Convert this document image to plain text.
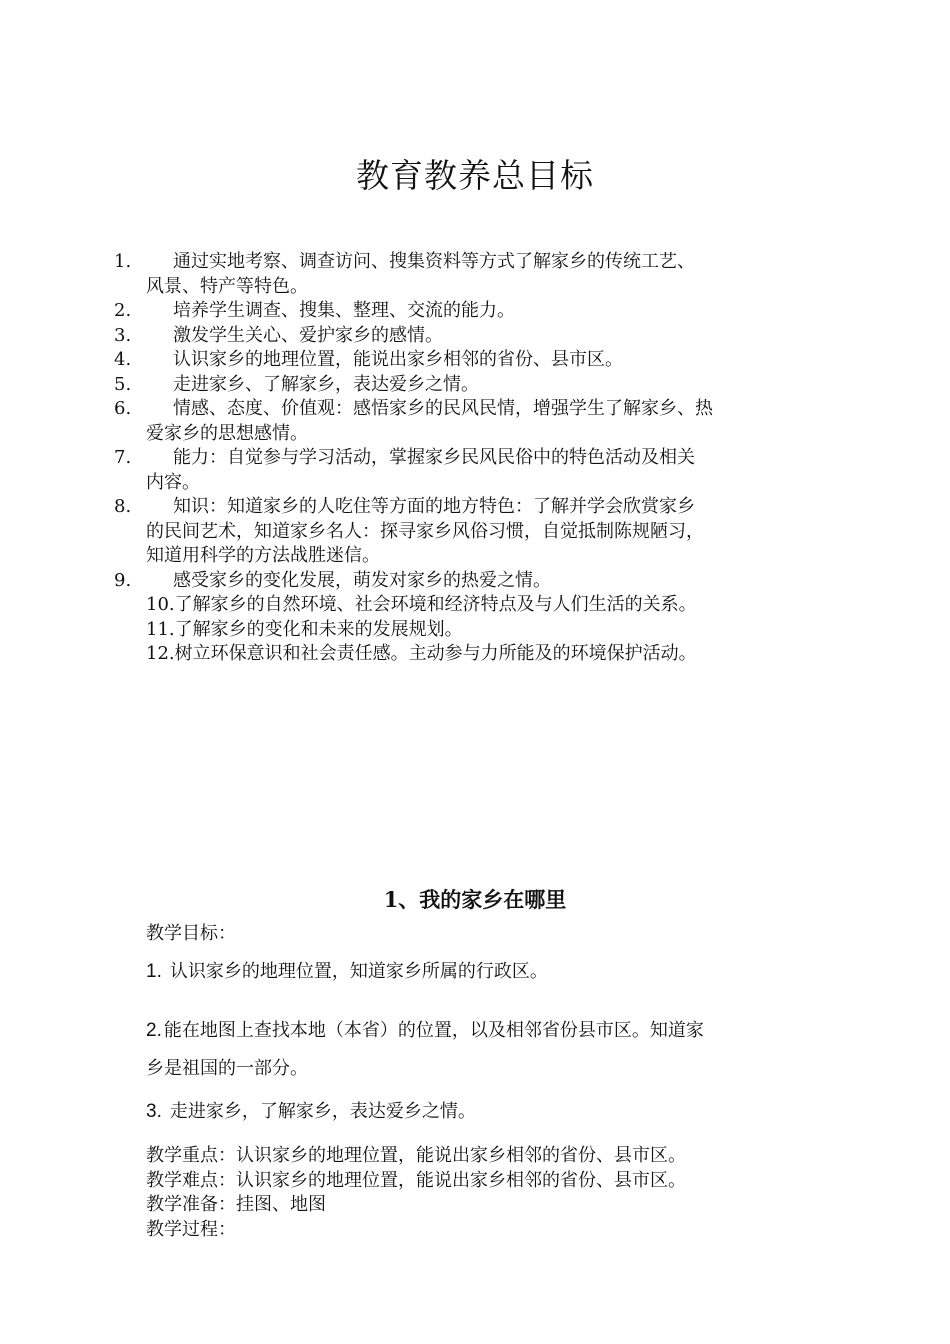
教育教养总目标
1.	通过实地考察、调查访问、搜集资料等方式了解家乡的传统工艺、
风景、特产等特色。
2.	培养学生调查、搜集、整理、交流的能力。
3.	激发学生关心、爱护家乡的感情。
4.	认识家乡的地理位置，能说出家乡相邻的省份、县市区。
5.	走进家乡、了解家乡，表达爱乡之情。
6.	情感、态度、价值观：感悟家乡的民风民情，增强学生了解家乡、热
爱家乡的思想感情。
7.	能力：自觉参与学习活动，掌握家乡民风民俗中的特色活动及相关
内容。
8.	知识：知道家乡的人吃住等方面的地方特色：了解并学会欣赏家乡
的民间艺术，知道家乡名人：探寻家乡风俗习惯，自觉抵制陈规陋习，
知道用科学的方法战胜迷信。
9.	感受家乡的变化发展，萌发对家乡的热爱之情。
10.了解家乡的自然环境、社会环境和经济特点及与人们生活的关系。
11.了解家乡的变化和未来的发展规划。
12.树立环保意识和社会责任感。主动参与力所能及的环境保护活动。
1、我的家乡在哪里
教学目标：
1. 认识家乡的地理位置，知道家乡所属的行政区。
2. 能在地图上查找本地（本省）的位置，以及相邻省份县市区。知道家
乡是祖国的一部分。
3. 走进家乡，了解家乡，表达爱乡之情。
教学重点：认识家乡的地理位置，能说出家乡相邻的省份、县市区。
教学难点：认识家乡的地理位置，能说出家乡相邻的省份、县市区。
教学准备：挂图、地图
教学过程：
